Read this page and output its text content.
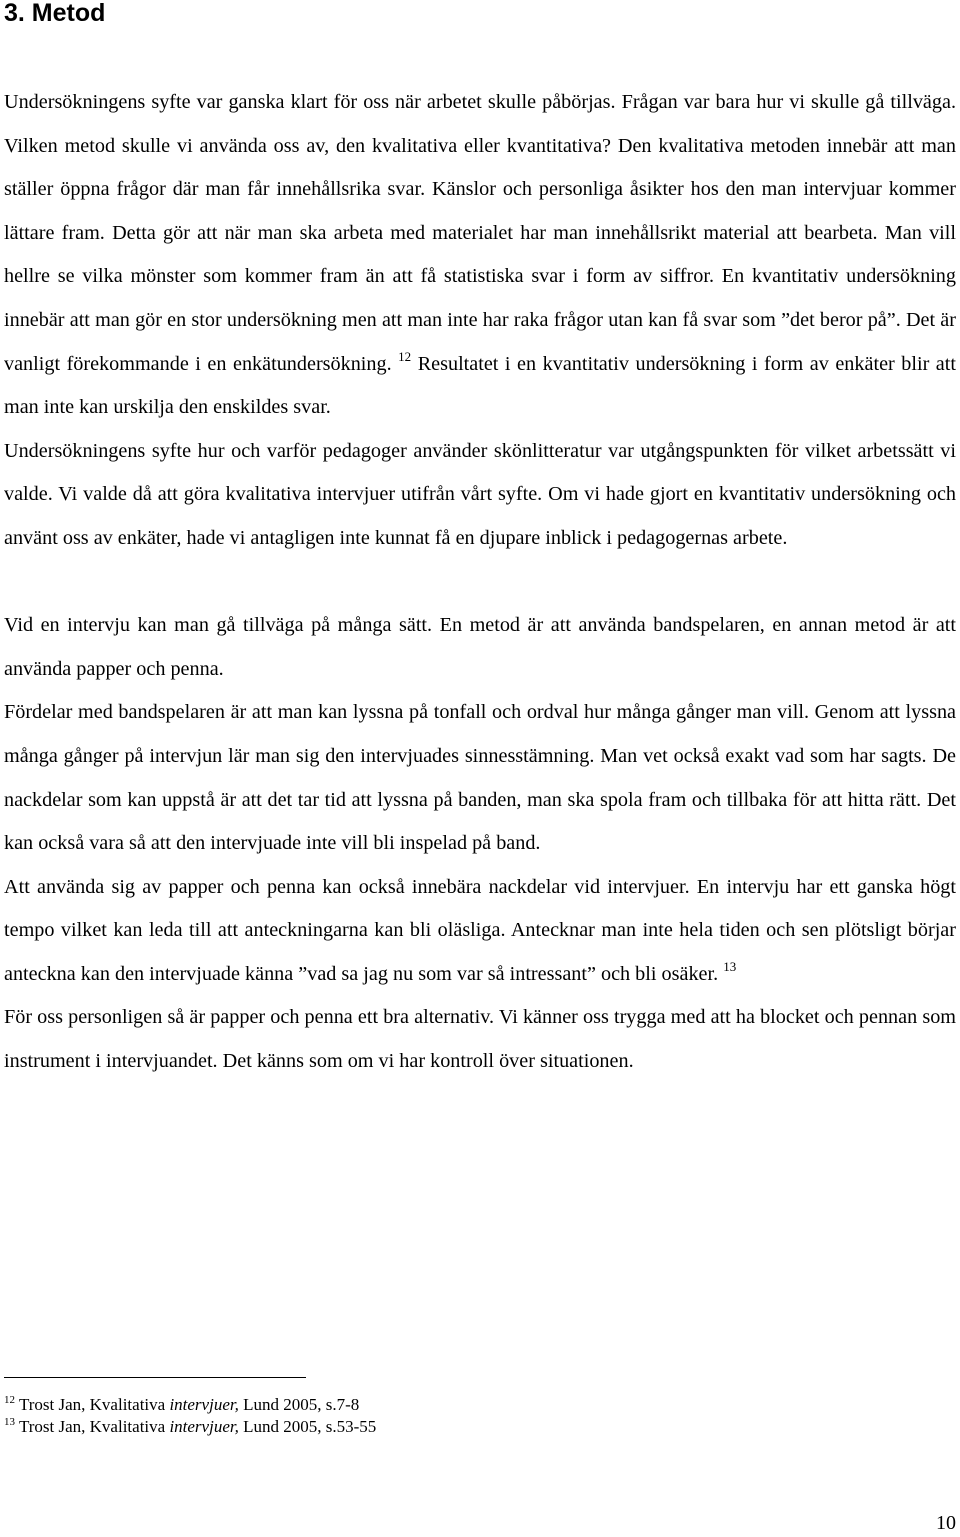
3. Metod

Undersökningens syfte var ganska klart för oss när arbetet skulle påbörjas. Frågan var bara hur vi skulle gå tillväga. Vilken metod skulle vi använda oss av, den kvalitativa eller kvantitativa? Den kvalitativa metoden innebär att man ställer öppna frågor där man får innehållsrika svar. Känslor och personliga åsikter hos den man intervjuar kommer lättare fram. Detta gör att när man ska arbeta med materialet har man innehållsrikt material att bearbeta. Man vill hellre se vilka mönster som kommer fram än att få statistiska svar i form av siffror. En kvantitativ undersökning innebär att man gör en stor undersökning men att man inte har raka frågor utan kan få svar som ”det beror på”. Det är vanligt förekommande i en enkätundersökning. $^{12}$ Resultatet i en kvantitativ undersökning i form av enkäter blir att man inte kan urskilja den enskildes svar.

Undersökningens syfte hur och varför pedagoger använder skönlitteratur var utgångspunkten för vilket arbetssätt vi valde. Vi valde då att göra kvalitativa intervjuer utifrån vårt syfte. Om vi hade gjort en kvantitativ undersökning och använt oss av enkäter, hade vi antagligen inte kunnat få en djupare inblick i pedagogernas arbete.

Vid en intervju kan man gå tillväga på många sätt. En metod är att använda bandspelaren, en annan metod är att använda papper och penna.

Fördelar med bandspelaren är att man kan lyssna på tonfall och ordval hur många gånger man vill. Genom att lyssna många gånger på intervjun lär man sig den intervjuades sinnesstämning. Man vet också exakt vad som har sagts. De nackdelar som kan uppstå är att det tar tid att lyssna på banden, man ska spola fram och tillbaka för att hitta rätt. Det kan också vara så att den intervjuade inte vill bli inspelad på band.

Att använda sig av papper och penna kan också innebära nackdelar vid intervjuer. En intervju har ett ganska högt tempo vilket kan leda till att anteckningarna kan bli oläsliga. Antecknar man inte hela tiden och sen plötsligt börjar anteckna kan den intervjuade känna ”vad sa jag nu som var så intressant” och bli osäker. $^{13}$

För oss personligen så är papper och penna ett bra alternativ. Vi känner oss trygga med att ha blocket och pennan som instrument i intervjuandet. Det känns som om vi har kontroll över situationen.

$^{12}$ Trost Jan, Kvalitativa intervjuer, Lund 2005, s.7-8

$^{13}$ Trost Jan, Kvalitativa intervjuer, Lund 2005, s.53-55

10
